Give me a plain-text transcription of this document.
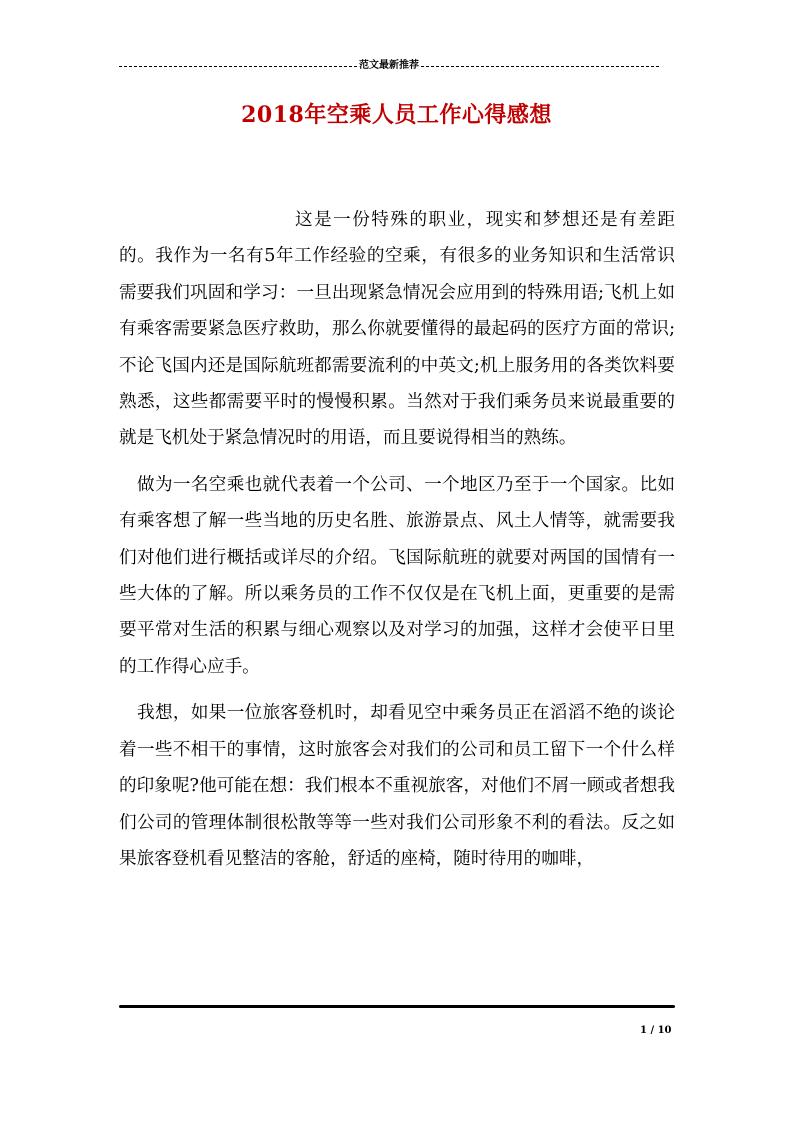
范文最新推荐
2018年空乘人员工作心得感想

这是一份特殊的职业，现实和梦想还是有差距的。我作为一名有5年工作经验的空乘，有很多的业务知识和生活常识需要我们巩固和学习：一旦出现紧急情况会应用到的特殊用语;飞机上如有乘客需要紧急医疗救助，那么你就要懂得的最起码的医疗方面的常识;不论飞国内还是国际航班都需要流利的中英文;机上服务用的各类饮料要熟悉，这些都需要平时的慢慢积累。当然对于我们乘务员来说最重要的就是飞机处于紧急情况时的用语，而且要说得相当的熟练。

做为一名空乘也就代表着一个公司、一个地区乃至于一个国家。比如有乘客想了解一些当地的历史名胜、旅游景点、风土人情等，就需要我们对他们进行概括或详尽的介绍。飞国际航班的就要对两国的国情有一些大体的了解。所以乘务员的工作不仅仅是在飞机上面，更重要的是需要平常对生活的积累与细心观察以及对学习的加强，这样才会使平日里的工作得心应手。

我想，如果一位旅客登机时，却看见空中乘务员正在滔滔不绝的谈论着一些不相干的事情，这时旅客会对我们的公司和员工留下一个什么样的印象呢?他可能在想：我们根本不重视旅客，对他们不屑一顾或者想我们公司的管理体制很松散等等一些对我们公司形象不利的看法。反之如果旅客登机看见整洁的客舱，舒适的座椅，随时待用的咖啡，

1 / 10
